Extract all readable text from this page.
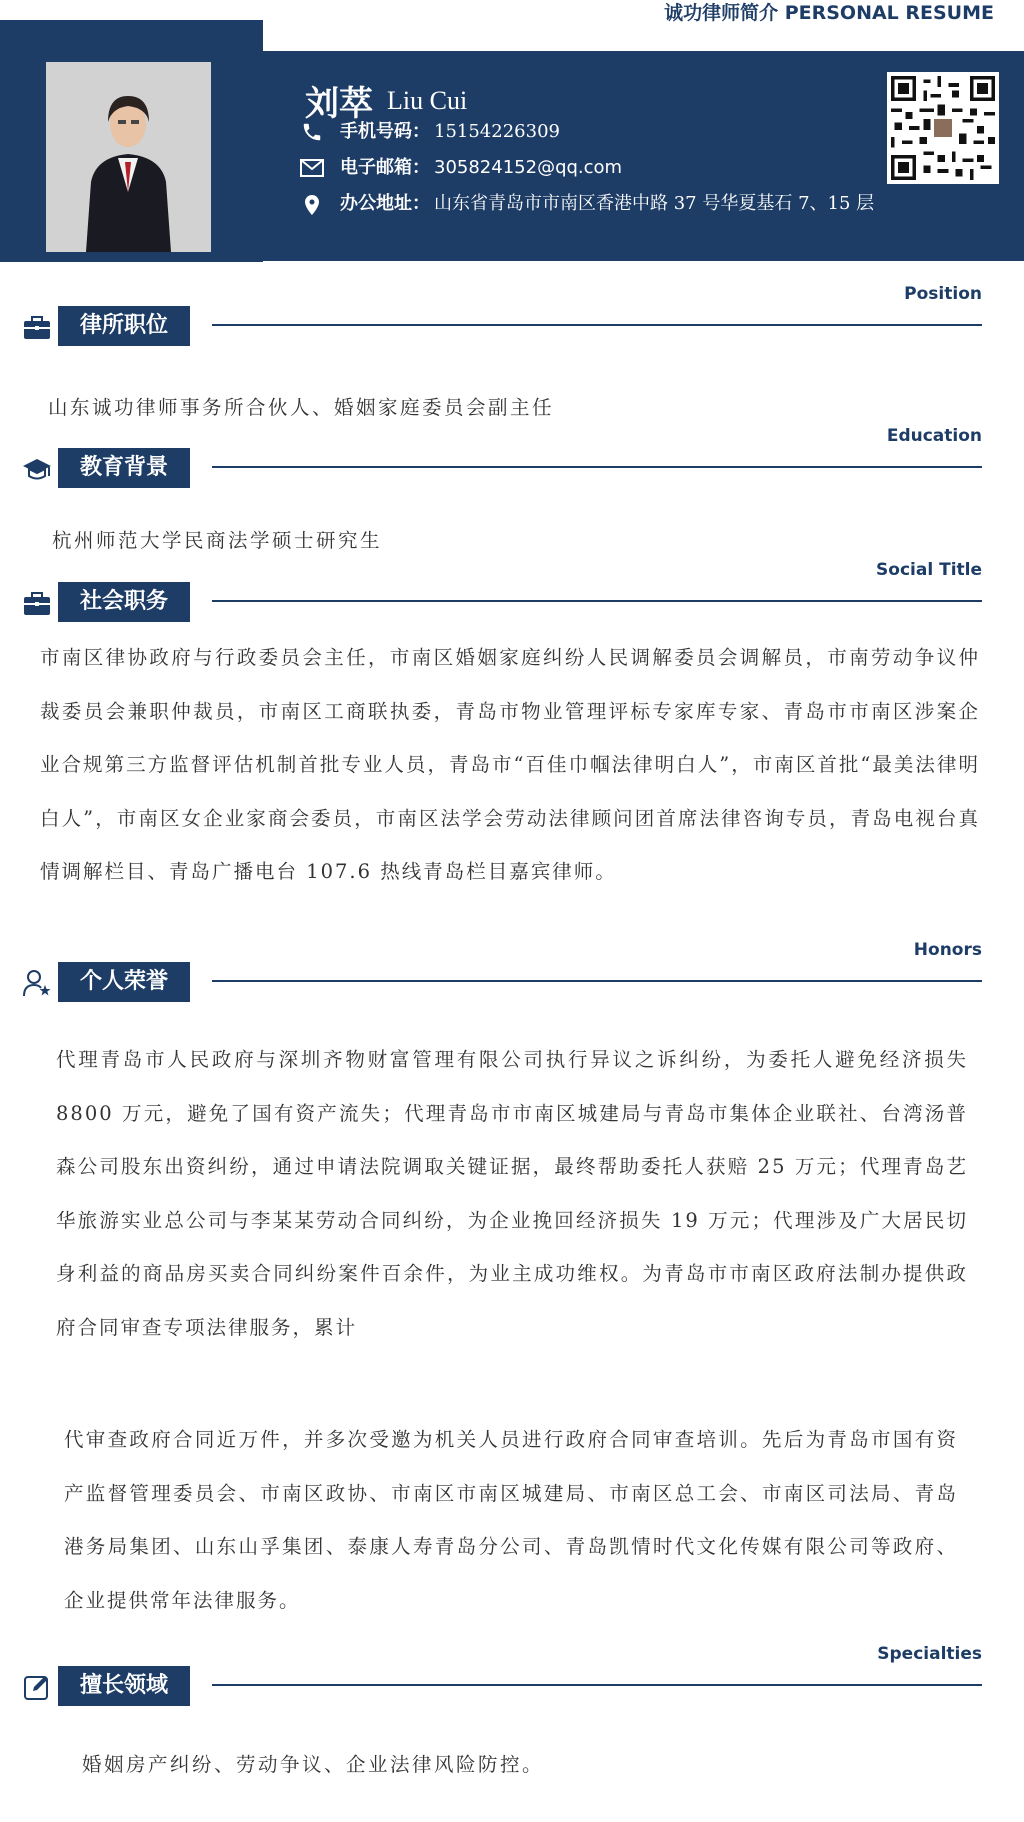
诚功律师简介 PERSONAL RESUME
刘萃 Liu Cui
手机号码： 15154226309
电子邮箱： 305824152@qq.com
办公地址： 山东省青岛市市南区香港中路 37 号华夏基石 7、15 层
律所职位
Position

山东诚功律师事务所合伙人、婚姻家庭委员会副主任

教育背景
Education

杭州师范大学民商法学硕士研究生

社会职务
Social Title

市南区律协政府与行政委员会主任，市南区婚姻家庭纠纷人民调解委员会调解员，市南劳动争议仲裁委员会兼职仲裁员，市南区工商联执委，青岛市物业管理评标专家库专家、青岛市市南区涉案企业合规第三方监督评估机制首批专业人员，青岛市“百佳巾帼法律明白人”，市南区首批“最美法律明白人”，市南区女企业家商会委员，市南区法学会劳动法律顾问团首席法律咨询专员，青岛电视台真情调解栏目、青岛广播电台 107.6 热线青岛栏目嘉宾律师。

个人荣誉
Honors

代理青岛市人民政府与深圳齐物财富管理有限公司执行异议之诉纠纷，为委托人避免经济损失 8800 万元，避免了国有资产流失；代理青岛市市南区城建局与青岛市集体企业联社、台湾汤普森公司股东出资纠纷，通过申请法院调取关键证据，最终帮助委托人获赔 25 万元；代理青岛艺华旅游实业总公司与李某某劳动合同纠纷，为企业挽回经济损失 19 万元；代理涉及广大居民切身利益的商品房买卖合同纠纷案件百余件，为业主成功维权。为青岛市市南区政府法制办提供政府合同审查专项法律服务，累计

代审查政府合同近万件，并多次受邀为机关人员进行政府合同审查培训。先后为青岛市国有资产监督管理委员会、市南区政协、市南区市南区城建局、市南区总工会、市南区司法局、青岛港务局集团、山东山孚集团、泰康人寿青岛分公司、青岛凯情时代文化传媒有限公司等政府、企业提供常年法律服务。

擅长领域
Specialties

婚姻房产纠纷、劳动争议、企业法律风险防控。
